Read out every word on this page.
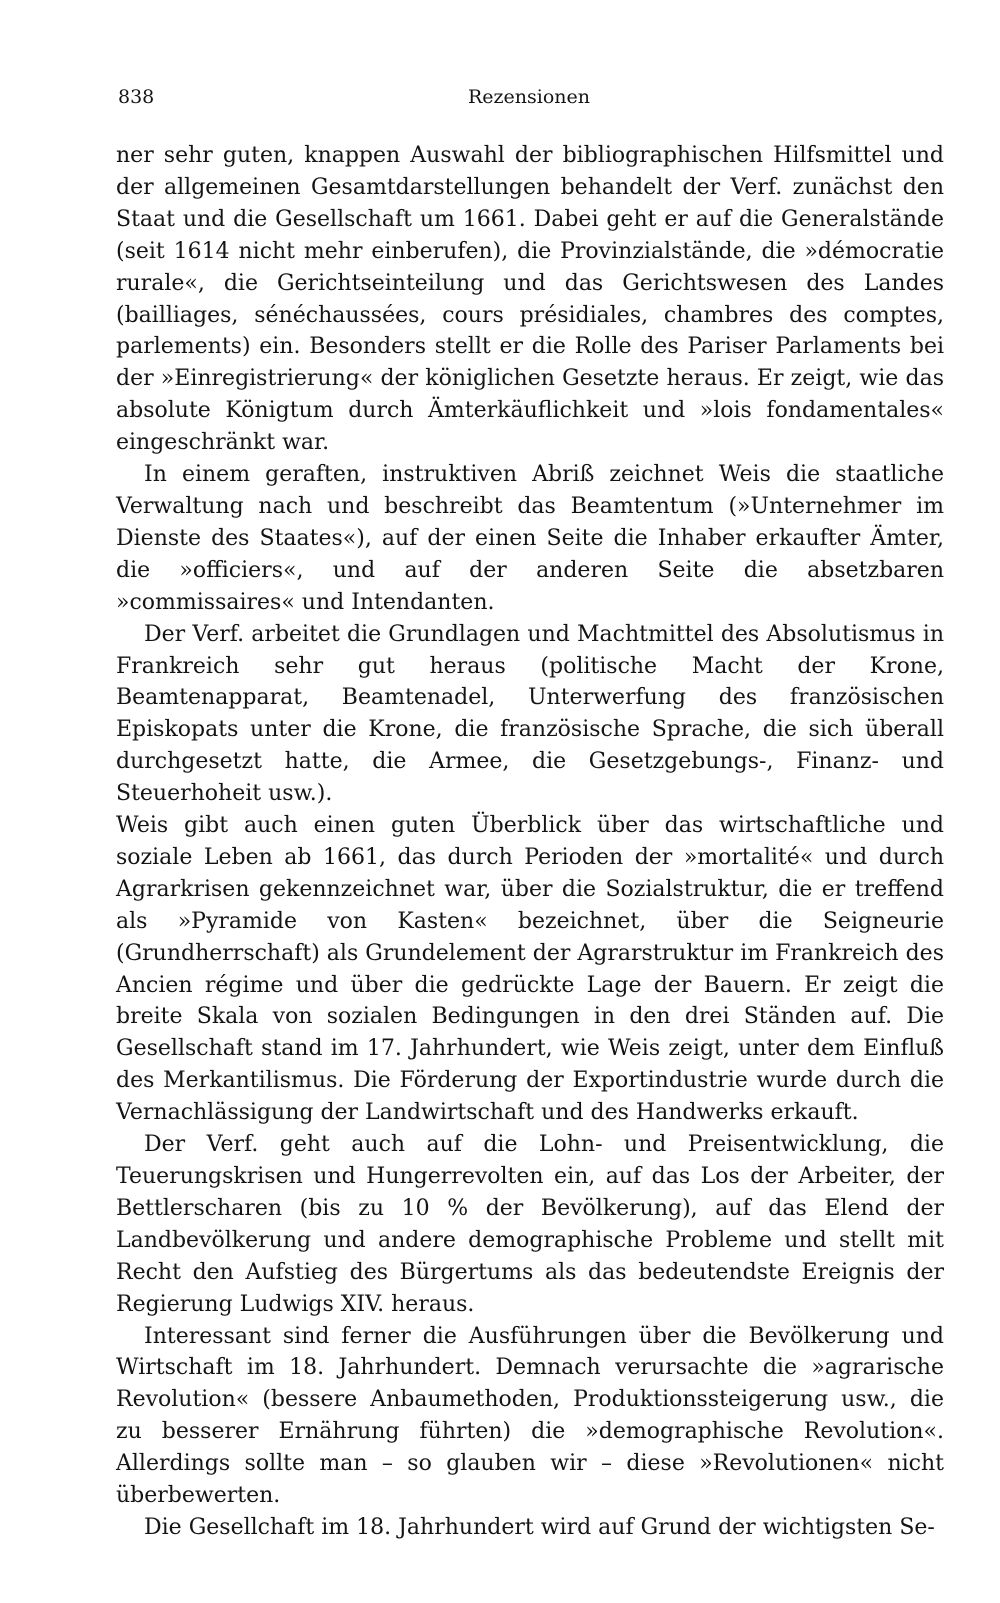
838	Rezensionen

ner sehr guten, knappen Auswahl der bibliographischen Hilfsmittel und der allgemeinen Gesamtdarstellungen behandelt der Verf. zunächst den Staat und die Gesellschaft um 1661. Dabei geht er auf die Generalstände (seit 1614 nicht mehr einberufen), die Provinzialstände, die »démocratie rurale«, die Gerichtseinteilung und das Gerichtswesen des Landes (bailliages, sénéchaussées, cours présidiales, chambres des comptes, parlements) ein. Besonders stellt er die Rolle des Pariser Parlaments bei der »Einregistrierung« der königlichen Gesetzte heraus. Er zeigt, wie das absolute Königtum durch Ämterkäuflichkeit und »lois fondamentales« eingeschränkt war.

In einem geraften, instruktiven Abriß zeichnet Weis die staatliche Verwaltung nach und beschreibt das Beamtentum (»Unternehmer im Dienste des Staates«), auf der einen Seite die Inhaber erkaufter Ämter, die »officiers«, und auf der anderen Seite die absetzbaren »commissaires« und Intendanten.

Der Verf. arbeitet die Grundlagen und Machtmittel des Absolutismus in Frankreich sehr gut heraus (politische Macht der Krone, Beamtenapparat, Beamtenadel, Unterwerfung des französischen Episkopats unter die Krone, die französische Sprache, die sich überall durchgesetzt hatte, die Armee, die Gesetzgebungs-, Finanz- und Steuerhoheit usw.).

Weis gibt auch einen guten Überblick über das wirtschaftliche und soziale Leben ab 1661, das durch Perioden der »mortalité« und durch Agrarkrisen gekennzeichnet war, über die Sozialstruktur, die er treffend als »Pyramide von Kasten« bezeichnet, über die Seigneurie (Grundherrschaft) als Grundelement der Agrarstruktur im Frankreich des Ancien régime und über die gedrückte Lage der Bauern. Er zeigt die breite Skala von sozialen Bedingungen in den drei Ständen auf. Die Gesellschaft stand im 17. Jahrhundert, wie Weis zeigt, unter dem Einfluß des Merkantilismus. Die Förderung der Exportindustrie wurde durch die Vernachlässigung der Landwirtschaft und des Handwerks erkauft.

Der Verf. geht auch auf die Lohn- und Preisentwicklung, die Teuerungskrisen und Hungerrevolten ein, auf das Los der Arbeiter, der Bettlerscharen (bis zu 10 % der Bevölkerung), auf das Elend der Landbevölkerung und andere demographische Probleme und stellt mit Recht den Aufstieg des Bürgertums als das bedeutendste Ereignis der Regierung Ludwigs XIV. heraus.

Interessant sind ferner die Ausführungen über die Bevölkerung und Wirtschaft im 18. Jahrhundert. Demnach verursachte die »agrarische Revolution« (bessere Anbaumethoden, Produktionssteigerung usw., die zu besserer Ernährung führten) die »demographische Revolution«. Allerdings sollte man – so glauben wir – diese »Revolutionen« nicht überbewerten.

Die Gesellchaft im 18. Jahrhundert wird auf Grund der wichtigsten Se-
